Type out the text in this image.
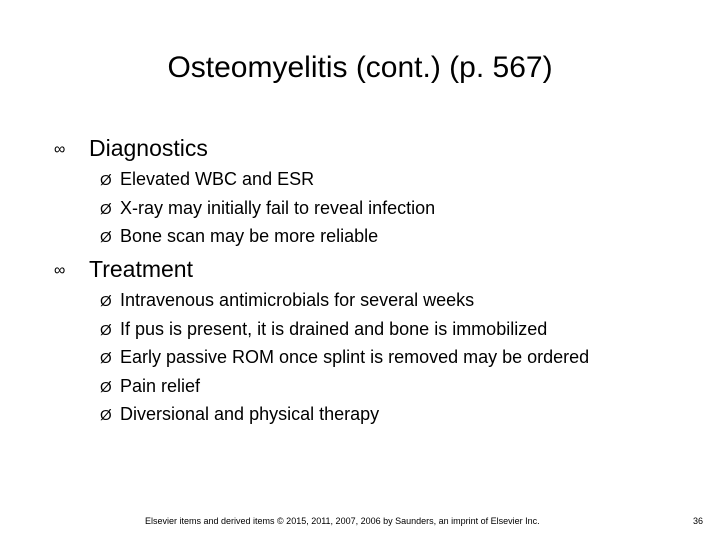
Osteomyelitis (cont.) (p. 567)
∞ Diagnostics
Ø Elevated WBC and ESR
Ø X-ray may initially fail to reveal infection
Ø Bone scan may be more reliable
∞ Treatment
Ø Intravenous antimicrobials for several weeks
Ø If pus is present, it is drained and bone is immobilized
Ø Early passive ROM once splint is removed may be ordered
Ø Pain relief
Ø Diversional and physical therapy
Elsevier items and derived items © 2015, 2011, 2007, 2006 by Saunders, an imprint of Elsevier Inc.	36
